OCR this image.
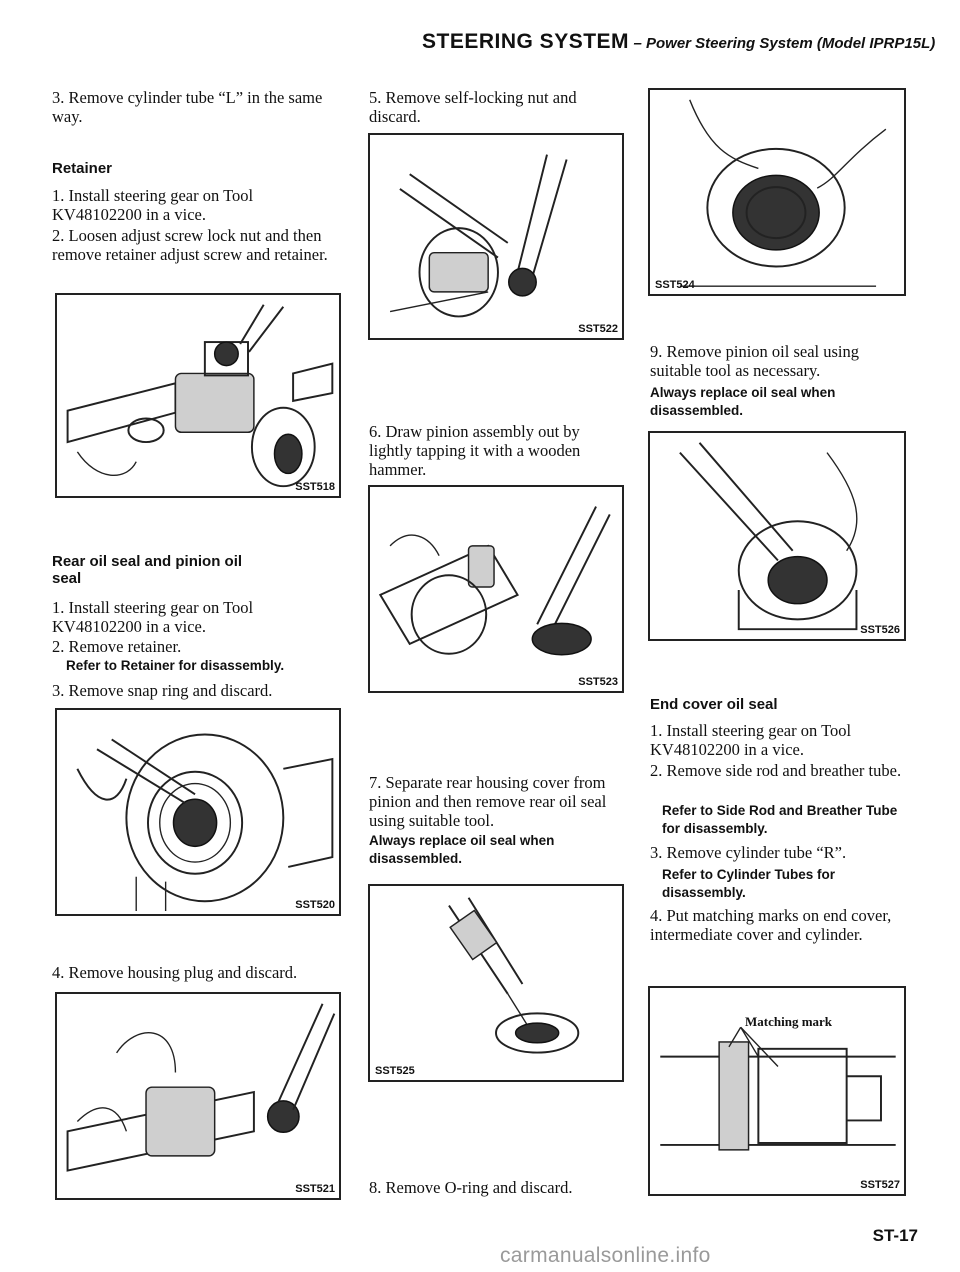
STEERING SYSTEM – Power Steering System (Model IPRP15L)

3. Remove cylinder tube “L” in the same way.

Retainer

1. Install steering gear on Tool KV48102200 in a vice.

2. Loosen adjust screw lock nut and then remove retainer adjust screw and retainer.

SST518
Rear oil seal and pinion oil seal

1. Install steering gear on Tool KV48102200 in a vice.

2. Remove retainer.

Refer to Retainer for disassembly.

3. Remove snap ring and discard.

SST520

4. Remove housing plug and discard.

SST521

5. Remove self-locking nut and discard.

SST522

6. Draw pinion assembly out by lightly tapping it with a wooden hammer.

SST523

7. Separate rear housing cover from pinion and then remove rear oil seal using suitable tool.

Always replace oil seal when disassembled.

SST525

8. Remove O-ring and discard.

SST524

9. Remove pinion oil seal using suitable tool as necessary.

Always replace oil seal when disassembled.

SST526
End cover oil seal

1. Install steering gear on Tool KV48102200 in a vice.

2. Remove side rod and breather tube.

Refer to Side Rod and Breather Tube for disassembly.

3. Remove cylinder tube “R”.

Refer to Cylinder Tubes for disassembly.

4. Put matching marks on end cover, intermediate cover and cylinder.

Matching mark
SST527
ST-17
carmanualsonline.info
